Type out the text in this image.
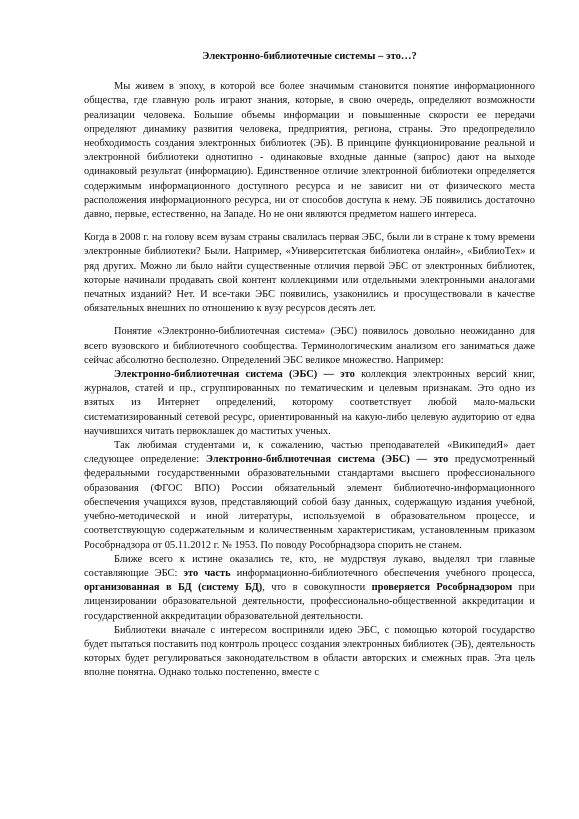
Электронно-библиотечные системы – это…?

Мы живем в эпоху, в которой все более значимым становится понятие информационного общества, где главную роль играют знания, которые, в свою очередь, определяют возможности реализации человека. Большие объемы информации и повышенные скорости ее передачи определяют динамику развития человека, предприятия, региона, страны. Это предопределило необходимость создания электронных библиотек (ЭБ). В принципе функционирование реальной и электронной библиотеки однотипно - одинаковые входные данные (запрос) дают на выходе одинаковый результат (информацию). Единственное отличие электронной библиотеки определяется содержимым информационного доступного ресурса и не зависит ни от физического места расположения информационного ресурса, ни от способов доступа к нему. ЭБ появились достаточно давно, первые, естественно, на Западе. Но не они являются предметом нашего интереса.

Когда в 2008 г. на голову всем вузам страны свалилась первая ЭБС, были ли в стране к тому времени электронные библиотеки? Были. Например, «Университетская библиотека онлайн», «БиблиоТех» и ряд других. Можно ли было найти существенные отличия первой ЭБС от электронных библиотек, которые начинали продавать свой контент коллекциями или отдельными электронными аналогами печатных изданий? Нет. И все-таки ЭБС появились, узаконились и просуществовали в качестве обязательных внешних по отношению к вузу ресурсов десять лет.

Понятие «Электронно-библиотечная система» (ЭБС) появилось довольно неожиданно для всего вузовского и библиотечного сообщества. Терминологическим анализом его заниматься даже сейчас абсолютно бесполезно. Определений ЭБС великое множество. Например:

Электронно-библиотечная система (ЭБС) — это коллекция электронных версий книг, журналов, статей и пр., сгруппированных по тематическим и целевым признакам. Это одно из взятых из Интернет определений, которому соответствует любой мало-мальски систематизированный сетевой ресурс, ориентированный на какую-либо целевую аудиторию от едва научившихся читать первоклашек до маститых ученых.

Так любимая студентами и, к сожалению, частью преподавателей «ВикипедиЯ» дает следующее определение: Электронно-библиотечная система (ЭБС) — это предусмотренный федеральными государственными образовательными стандартами высшего профессионального образования (ФГОС ВПО) России обязательный элемент библиотечно-информационного обеспечения учащихся вузов, представляющий собой базу данных, содержащую издания учебной, учебно-методической и иной литературы, используемой в образовательном процессе, и соответствующую содержательным и количественным характеристикам, установленным приказом Рособрнадзора от 05.11.2012 г. № 1953. По поводу Рособрнадзора спорить не станем.

Ближе всего к истине оказались те, кто, не мудрствуя лукаво, выделял три главные составляющие ЭБС: это часть информационно-библиотечного обеспечения учебного процесса, организованная в БД (систему БД), что в совокупности проверяется Рособрнадзором при лицензировании образовательной деятельности, профессионально-общественной аккредитации и государственной аккредитации образовательной деятельности.

Библиотеки вначале с интересом восприняли идею ЭБС, с помощью которой государство будет пытаться поставить под контроль процесс создания электронных библиотек (ЭБ), деятельность которых будет регулироваться законодательством в области авторских и смежных прав. Эта цель вполне понятна. Однако только постепенно, вместе с
